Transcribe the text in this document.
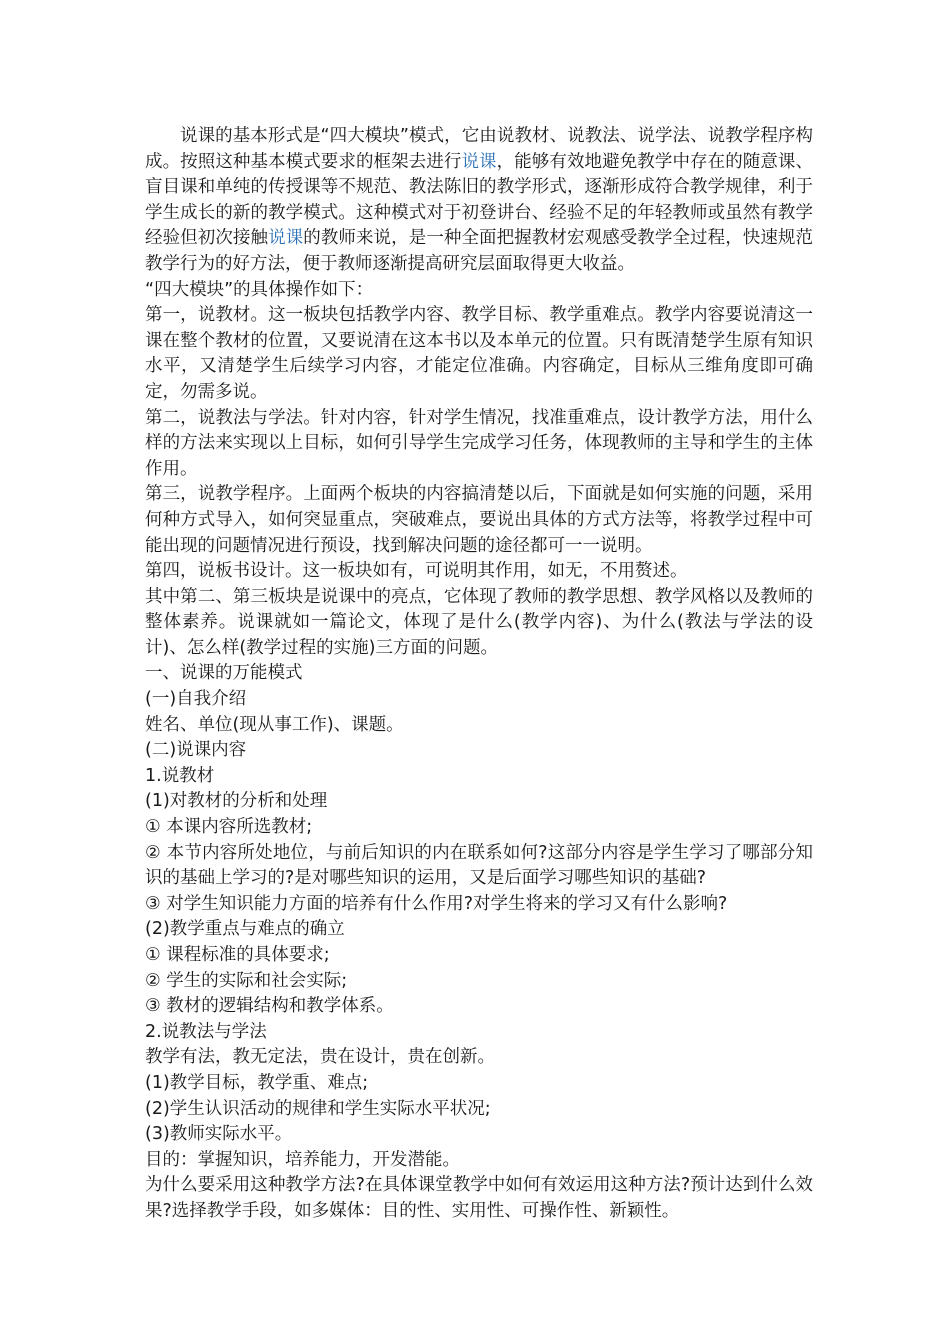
说课的基本形式是“四大模块”模式，它由说教材、说教法、说学法、说教学程序构成。按照这种基本模式要求的框架去进行说课，能够有效地避免教学中存在的随意课、盲目课和单纯的传授课等不规范、教法陈旧的教学形式，逐渐形成符合教学规律，利于学生成长的新的教学模式。这种模式对于初登讲台、经验不足的年轻教师或虽然有教学经验但初次接触说课的教师来说，是一种全面把握教材宏观感受教学全过程，快速规范教学行为的好方法，便于教师逐渐提高研究层面取得更大收益。

“四大模块”的具体操作如下：

第一，说教材。这一板块包括教学内容、教学目标、教学重难点。教学内容要说清这一课在整个教材的位置，又要说清在这本书以及本单元的位置。只有既清楚学生原有知识水平，又清楚学生后续学习内容，才能定位准确。内容确定，目标从三维角度即可确定，勿需多说。

第二，说教法与学法。针对内容，针对学生情况，找准重难点，设计教学方法，用什么样的方法来实现以上目标，如何引导学生完成学习任务，体现教师的主导和学生的主体作用。

第三，说教学程序。上面两个板块的内容搞清楚以后，下面就是如何实施的问题，采用何种方式导入，如何突显重点，突破难点，要说出具体的方式方法等，将教学过程中可能出现的问题情况进行预设，找到解决问题的途径都可一一说明。

第四，说板书设计。这一板块如有，可说明其作用，如无，不用赘述。

其中第二、第三板块是说课中的亮点，它体现了教师的教学思想、教学风格以及教师的整体素养。说课就如一篇论文，体现了是什么(教学内容)、为什么(教法与学法的设计)、怎么样(教学过程的实施)三方面的问题。

一、说课的万能模式

(一)自我介绍

姓名、单位(现从事工作)、课题。

(二)说课内容

1.说教材

(1)对教材的分析和处理

① 本课内容所选教材;

② 本节内容所处地位，与前后知识的内在联系如何?这部分内容是学生学习了哪部分知识的基础上学习的?是对哪些知识的运用，又是后面学习哪些知识的基础?

③ 对学生知识能力方面的培养有什么作用?对学生将来的学习又有什么影响?

(2)教学重点与难点的确立

① 课程标准的具体要求;

② 学生的实际和社会实际;

③ 教材的逻辑结构和教学体系。

2.说教法与学法

教学有法，教无定法，贵在设计，贵在创新。

(1)教学目标，教学重、难点;

(2)学生认识活动的规律和学生实际水平状况;

(3)教师实际水平。

目的：掌握知识，培养能力，开发潜能。

为什么要采用这种教学方法?在具体课堂教学中如何有效运用这种方法?预计达到什么效果?选择教学手段，如多媒体：目的性、实用性、可操作性、新颖性。
